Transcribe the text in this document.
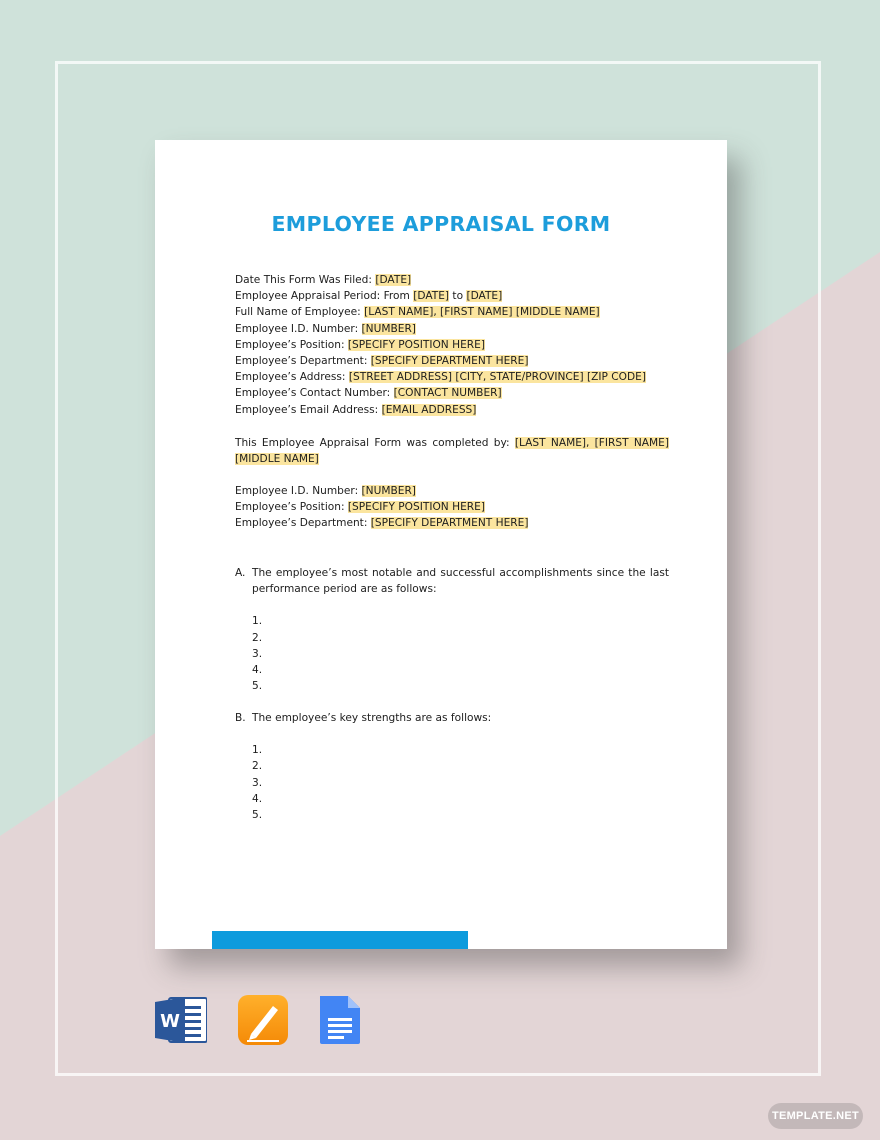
EMPLOYEE APPRAISAL FORM
Date This Form Was Filed: [DATE]
Employee Appraisal Period: From [DATE] to [DATE]
Full Name of Employee: [LAST NAME], [FIRST NAME] [MIDDLE NAME]
Employee I.D. Number: [NUMBER]
Employee’s Position: [SPECIFY POSITION HERE]
Employee’s Department: [SPECIFY DEPARTMENT HERE]
Employee’s Address: [STREET ADDRESS] [CITY, STATE/PROVINCE] [ZIP CODE]
Employee’s Contact Number: [CONTACT NUMBER]
Employee’s Email Address: [EMAIL ADDRESS]
This Employee Appraisal Form was completed by: [LAST NAME], [FIRST NAME] [MIDDLE NAME]
Employee I.D. Number: [NUMBER]
Employee’s Position: [SPECIFY POSITION HERE]
Employee’s Department: [SPECIFY DEPARTMENT HERE]
A. The employee’s most notable and successful accomplishments since the last performance period are as follows:
1.
2.
3.
4.
5.
B. The employee’s key strengths are as follows:
1.
2.
3.
4.
5.
W
TEMPLATE.NET
